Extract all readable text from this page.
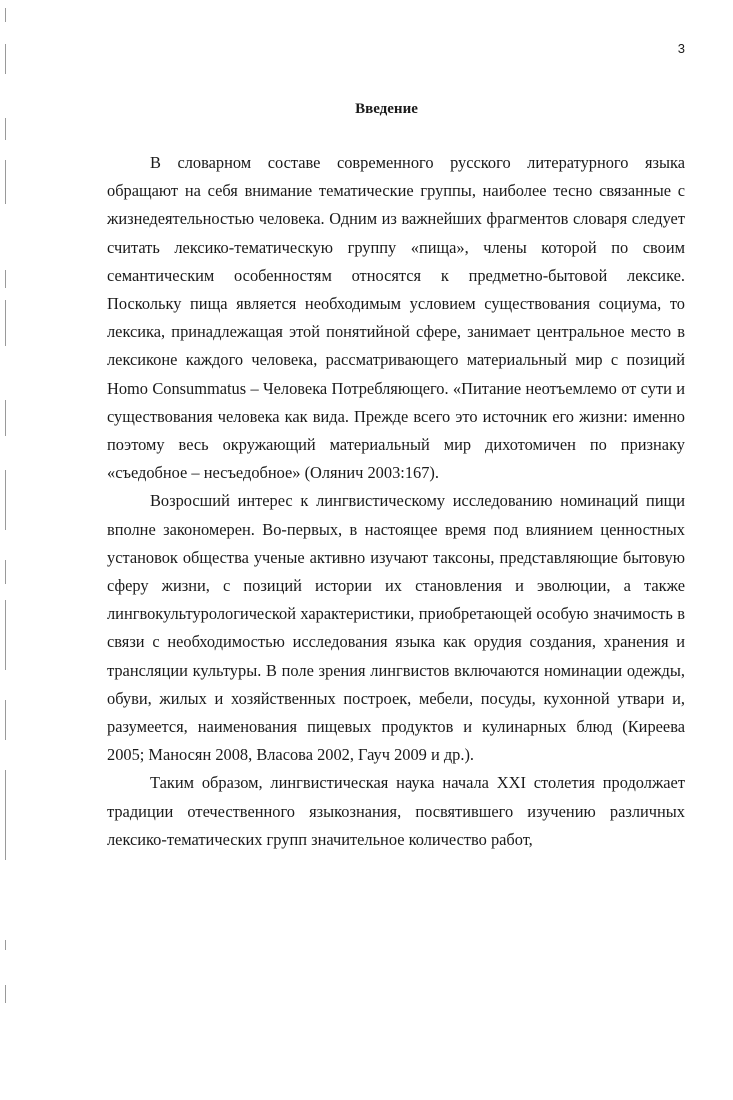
3
Введение

В словарном составе современного русского литературного языка обращают на себя внимание тематические группы, наиболее тесно связанные с жизнедеятельностью человека. Одним из важнейших фрагментов словаря следует считать лексико-тематическую группу «пища», члены которой по своим семантическим особенностям относятся к предметно-бытовой лексике. Поскольку пища является необходимым условием существования социума, то лексика, принадлежащая этой понятийной сфере, занимает центральное место в лексиконе каждого человека, рассматривающего материальный мир с позиций Homo Consummatus – Человека Потребляющего. «Питание неотъемлемо от сути и существования человека как вида. Прежде всего это источник его жизни: именно поэтому весь окружающий материальный мир дихотомичен по признаку «съедобное – несъедобное» (Олянич 2003:167).

Возросший интерес к лингвистическому исследованию номинаций пищи вполне закономерен. Во-первых, в настоящее время под влиянием ценностных установок общества ученые активно изучают таксоны, представляющие бытовую сферу жизни, с позиций истории их становления и эволюции, а также лингвокультурологической характеристики, приобретающей особую значимость в связи с необходимостью исследования языка как орудия создания, хранения и трансляции культуры. В поле зрения лингвистов включаются номинации одежды, обуви, жилых и хозяйственных построек, мебели, посуды, кухонной утвари и, разумеется, наименования пищевых продуктов и кулинарных блюд (Киреева 2005; Маносян 2008, Власова 2002, Гауч 2009 и др.).

Таким образом, лингвистическая наука начала XXI столетия продолжает традиции отечественного языкознания, посвятившего изучению различных лексико-тематических групп значительное количество работ,
